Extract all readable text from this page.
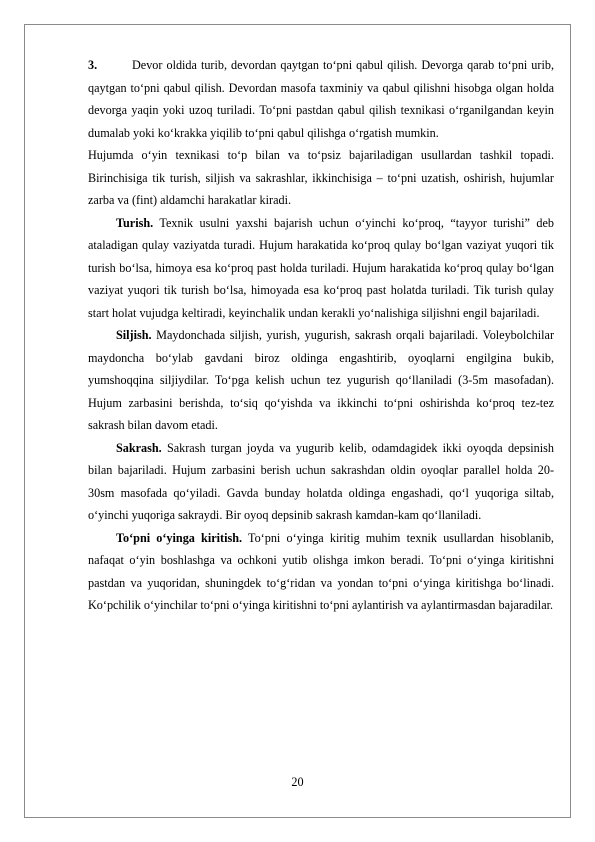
3.	Devor oldida turib, devordan qaytgan to‘pni qabul qilish. Devorga qarab to‘pni urib, qaytgan to‘pni qabul qilish. Devordan masofa taxminiy va qabul qilishni hisobga olgan holda devorga yaqin yoki uzoq turiladi. To‘pni pastdan qabul qilish texnikasi o‘rganilgandan keyin dumalab yoki ko‘krakka yiqilib to‘pni qabul qilishga o‘rgatish mumkin.

Hujumda o‘yin texnikasi to‘p bilan va to‘psiz bajariladigan usullardan tashkil topadi. Birinchisiga tik turish, siljish va sakrashlar, ikkinchisiga – to‘pni uzatish, oshirish, hujumlar zarba va (fint) aldamchi harakatlar kiradi.

Turish. Texnik usulni yaxshi bajarish uchun o‘yinchi ko‘proq, “tayyor turishi” deb ataladigan qulay vaziyatda turadi. Hujum harakatida ko‘proq qulay bo‘lgan vaziyat yuqori tik turish bo‘lsa, himoya esa ko‘proq past holda turiladi. Hujum harakatida ko‘proq qulay bo‘lgan vaziyat yuqori tik turish bo‘lsa, himoyada esa ko‘proq past holatda turiladi. Tik turish qulay start holat vujudga keltiradi, keyinchalik undan kerakli yo‘nalishiga siljishni engil bajariladi.

Siljish. Maydonchada siljish, yurish, yugurish, sakrash orqali bajariladi. Voleybolchilar maydoncha bo‘ylab gavdani biroz oldinga engashtirib, oyoqlarni engilgina bukib, yumshoqqina siljiydilar. To‘pga kelish uchun tez yugurish qo‘llaniladi (3-5m masofadan). Hujum zarbasini berishda, to‘siq qo‘yishda va ikkinchi to‘pni oshirishda ko‘proq tez-tez sakrash bilan davom etadi.

Sakrash. Sakrash turgan joyda va yugurib kelib, odamdagidek ikki oyoqda depsinish bilan bajariladi. Hujum zarbasini berish uchun sakrashdan oldin oyoqlar parallel holda 20-30sm masofada qo‘yiladi. Gavda bunday holatda oldinga engashadi, qo‘l yuqoriga siltab, o‘yinchi yuqoriga sakraydi. Bir oyoq depsinib sakrash kamdan-kam qo‘llaniladi.

To‘pni o‘yinga kiritish. To‘pni o‘yinga kiritig muhim texnik usullardan hisoblanib, nafaqat o‘yin boshlashga va ochkoni yutib olishga imkon beradi. To‘pni o‘yinga kiritishni pastdan va yuqoridan, shuningdek to‘g‘ridan va yondan to‘pni o‘yinga kiritishga bo‘linadi. Ko‘pchilik o‘yinchilar to‘pni o‘yinga kiritishni to‘pni aylantirish va aylantirmasdan bajaradilar.

20
